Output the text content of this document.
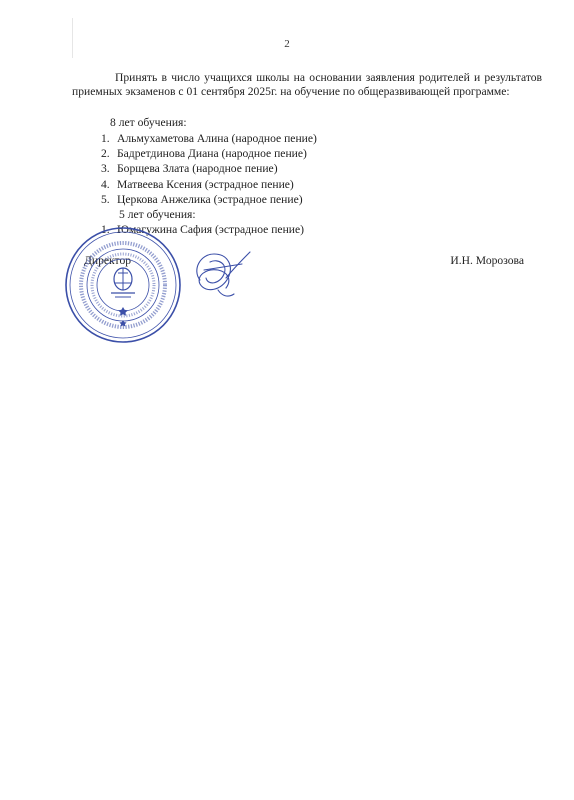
2
Принять в число учащихся школы на основании заявления родителей и результатов приемных экзаменов с 01 сентября 2025г. на обучение по общеразвивающей программе:
8 лет обучения:
1. Альмухаметова Алина (народное пение)
2. Бадретдинова Диана (народное пение)
3. Борщева Злата (народное пение)
4. Матвеева Ксения (эстрадное пение)
5. Церкова Анжелика (эстрадное пение)
5 лет обучения:
1. Юмагужина Сафия (эстрадное пение)
Директор	И.Н. Морозова
